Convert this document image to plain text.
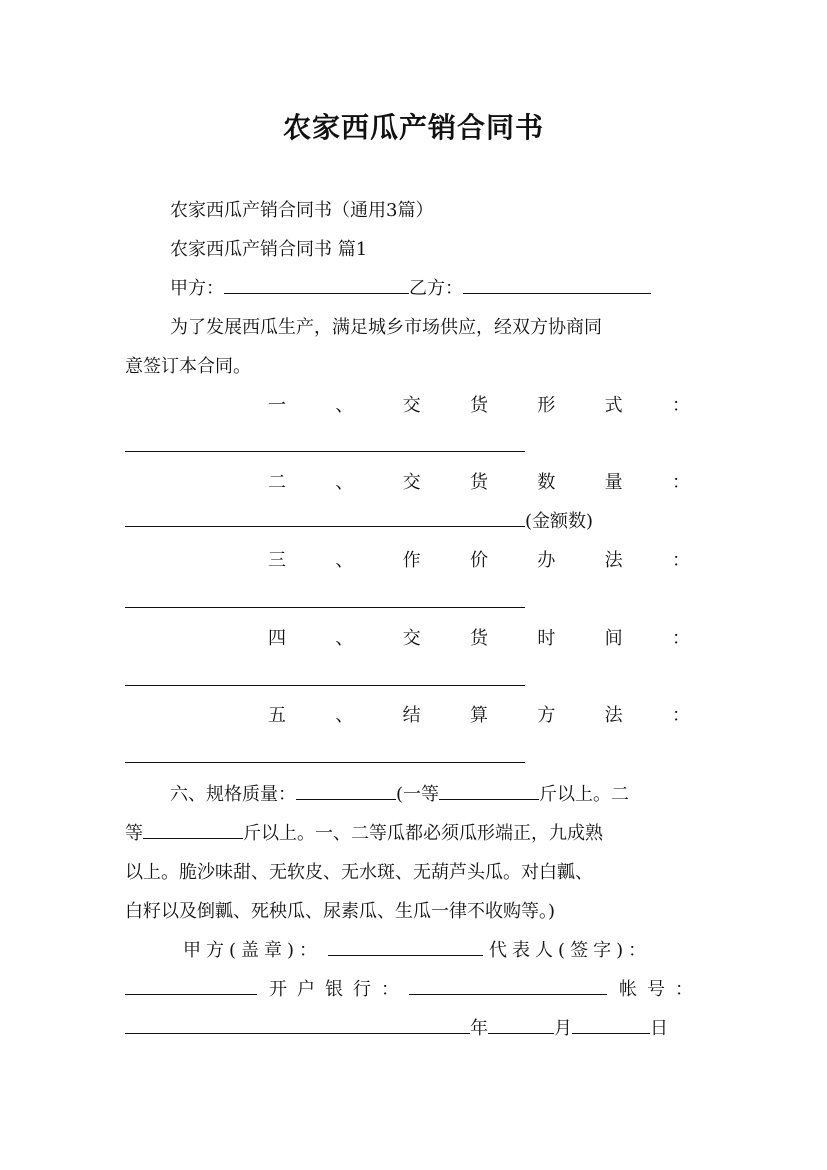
农家西瓜产销合同书
农家西瓜产销合同书（通用3篇）
农家西瓜产销合同书 篇1
甲方：	乙方：
为了发展西瓜生产，满足城乡市场供应，经双方协商同
意签订本合同。
一	、	交	货	形	式	：
二	、	交	货	数	量	：
(金额数)
三	、	作	价	办	法	：
四	、	交	货	时	间	：
五	、	结	算	方	法	：
六、规格质量：	(一等	斤以上。二
等	斤以上。一、二等瓜都必须瓜形端正，九成熟
以上。脆沙味甜、无软皮、无水斑、无葫芦头瓜。对白瓤、
白籽以及倒瓤、死秧瓜、尿素瓜、生瓜一律不收购等。)
甲方(盖章)：	代表人(签字)：
开户银行：	帐号：
年	月	日
